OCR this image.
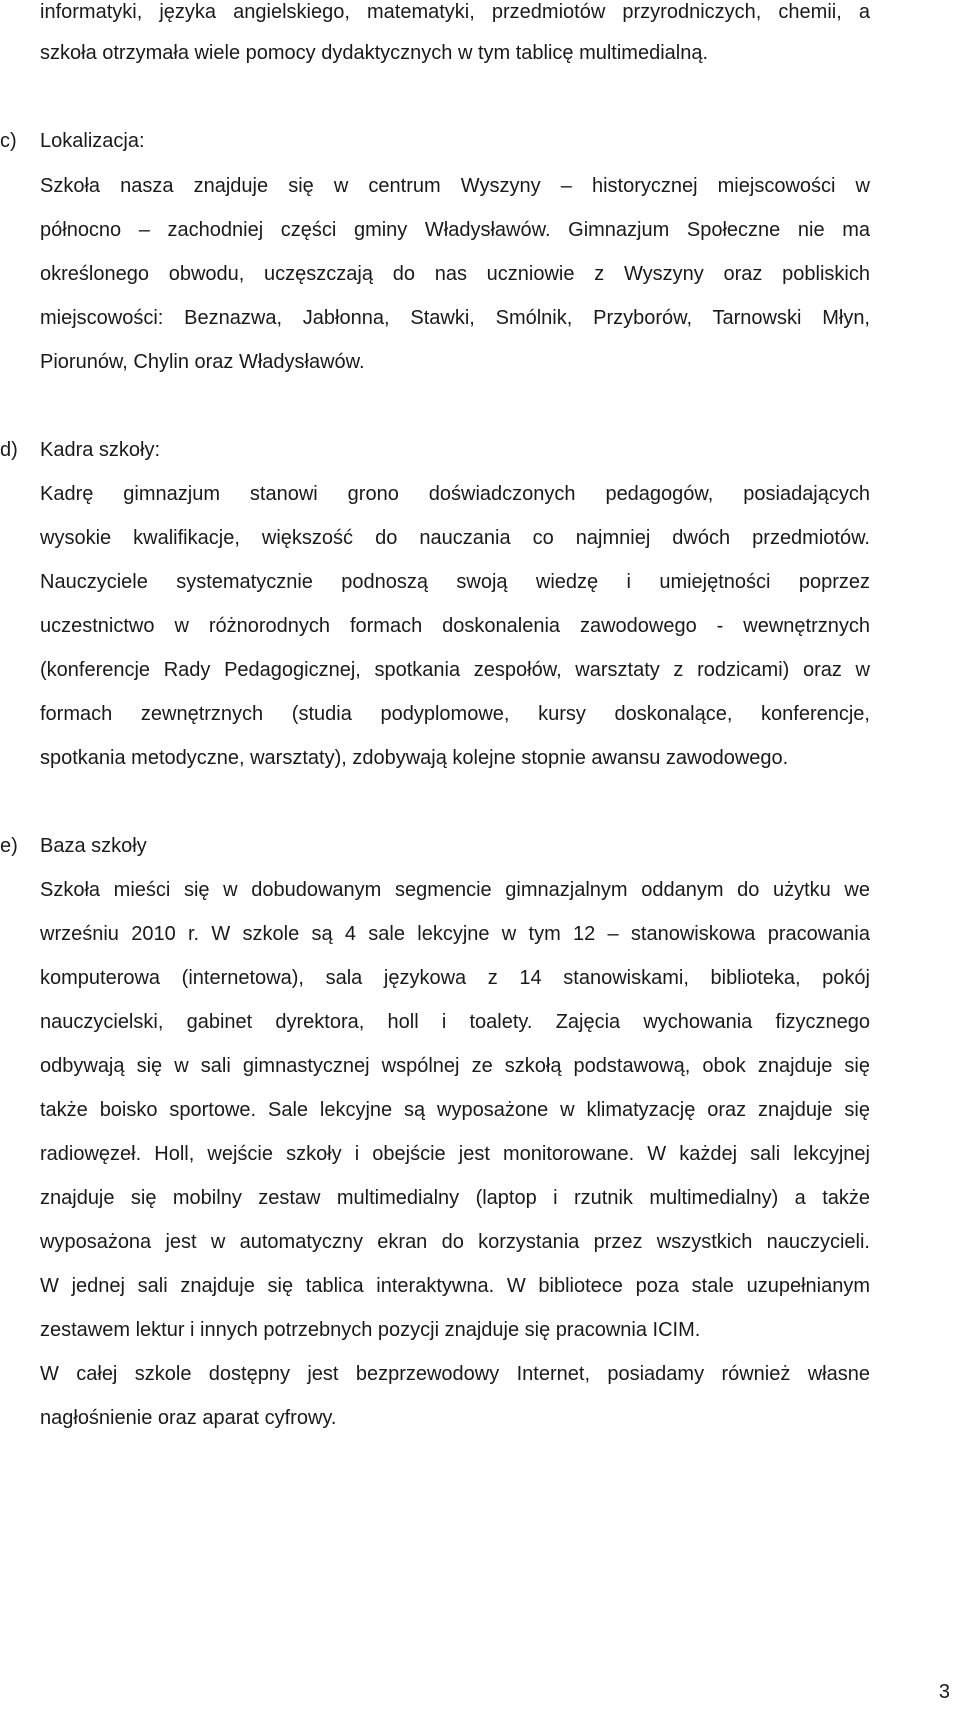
informatyki, języka angielskiego, matematyki, przedmiotów przyrodniczych, chemii, a
szkoła otrzymała wiele pomocy dydaktycznych w tym tablicę multimedialną.
c) Lokalizacja:
Szkoła nasza znajduje się w centrum Wyszyny – historycznej miejscowości w
północno – zachodniej części gminy Władysławów. Gimnazjum Społeczne nie ma
określonego obwodu, uczęszczają do nas uczniowie z Wyszyny oraz pobliskich
miejscowości: Beznazwa, Jabłonna, Stawki, Smólnik, Przyborów, Tarnowski Młyn,
Piorunów, Chylin oraz Władysławów.
d) Kadra szkoły:
Kadrę gimnazjum stanowi grono doświadczonych pedagogów, posiadających
wysokie kwalifikacje, większość do nauczania co najmniej dwóch przedmiotów.
Nauczyciele systematycznie podnoszą swoją wiedzę i umiejętności poprzez
uczestnictwo w różnorodnych formach doskonalenia zawodowego - wewnętrznych
(konferencje Rady Pedagogicznej, spotkania zespołów, warsztaty z rodzicami) oraz w
formach zewnętrznych (studia podyplomowe, kursy doskonalące, konferencje,
spotkania metodyczne, warsztaty), zdobywają kolejne stopnie awansu zawodowego.
e) Baza szkoły
Szkoła mieści się w dobudowanym segmencie gimnazjalnym oddanym do użytku we
wrześniu 2010 r. W szkole są 4 sale lekcyjne w tym 12 – stanowiskowa pracowania
komputerowa (internetowa), sala językowa z 14 stanowiskami, biblioteka, pokój
nauczycielski, gabinet dyrektora, holl i toalety. Zajęcia wychowania fizycznego
odbywają się w sali gimnastycznej wspólnej ze szkołą podstawową, obok znajduje się
także boisko sportowe. Sale lekcyjne są wyposażone w klimatyzację oraz znajduje się
radiowęzeł. Holl, wejście szkoły i obejście jest monitorowane. W każdej sali lekcyjnej
znajduje się mobilny zestaw multimedialny (laptop i rzutnik multimedialny) a także
wyposażona jest w automatyczny ekran do korzystania przez wszystkich nauczycieli.
W jednej sali znajduje się tablica interaktywna. W bibliotece poza stale uzupełnianym
zestawem lektur i innych potrzebnych pozycji znajduje się pracownia ICIM.
W całej szkole dostępny jest bezprzewodowy Internet, posiadamy również własne
nagłośnienie oraz aparat cyfrowy.
3
